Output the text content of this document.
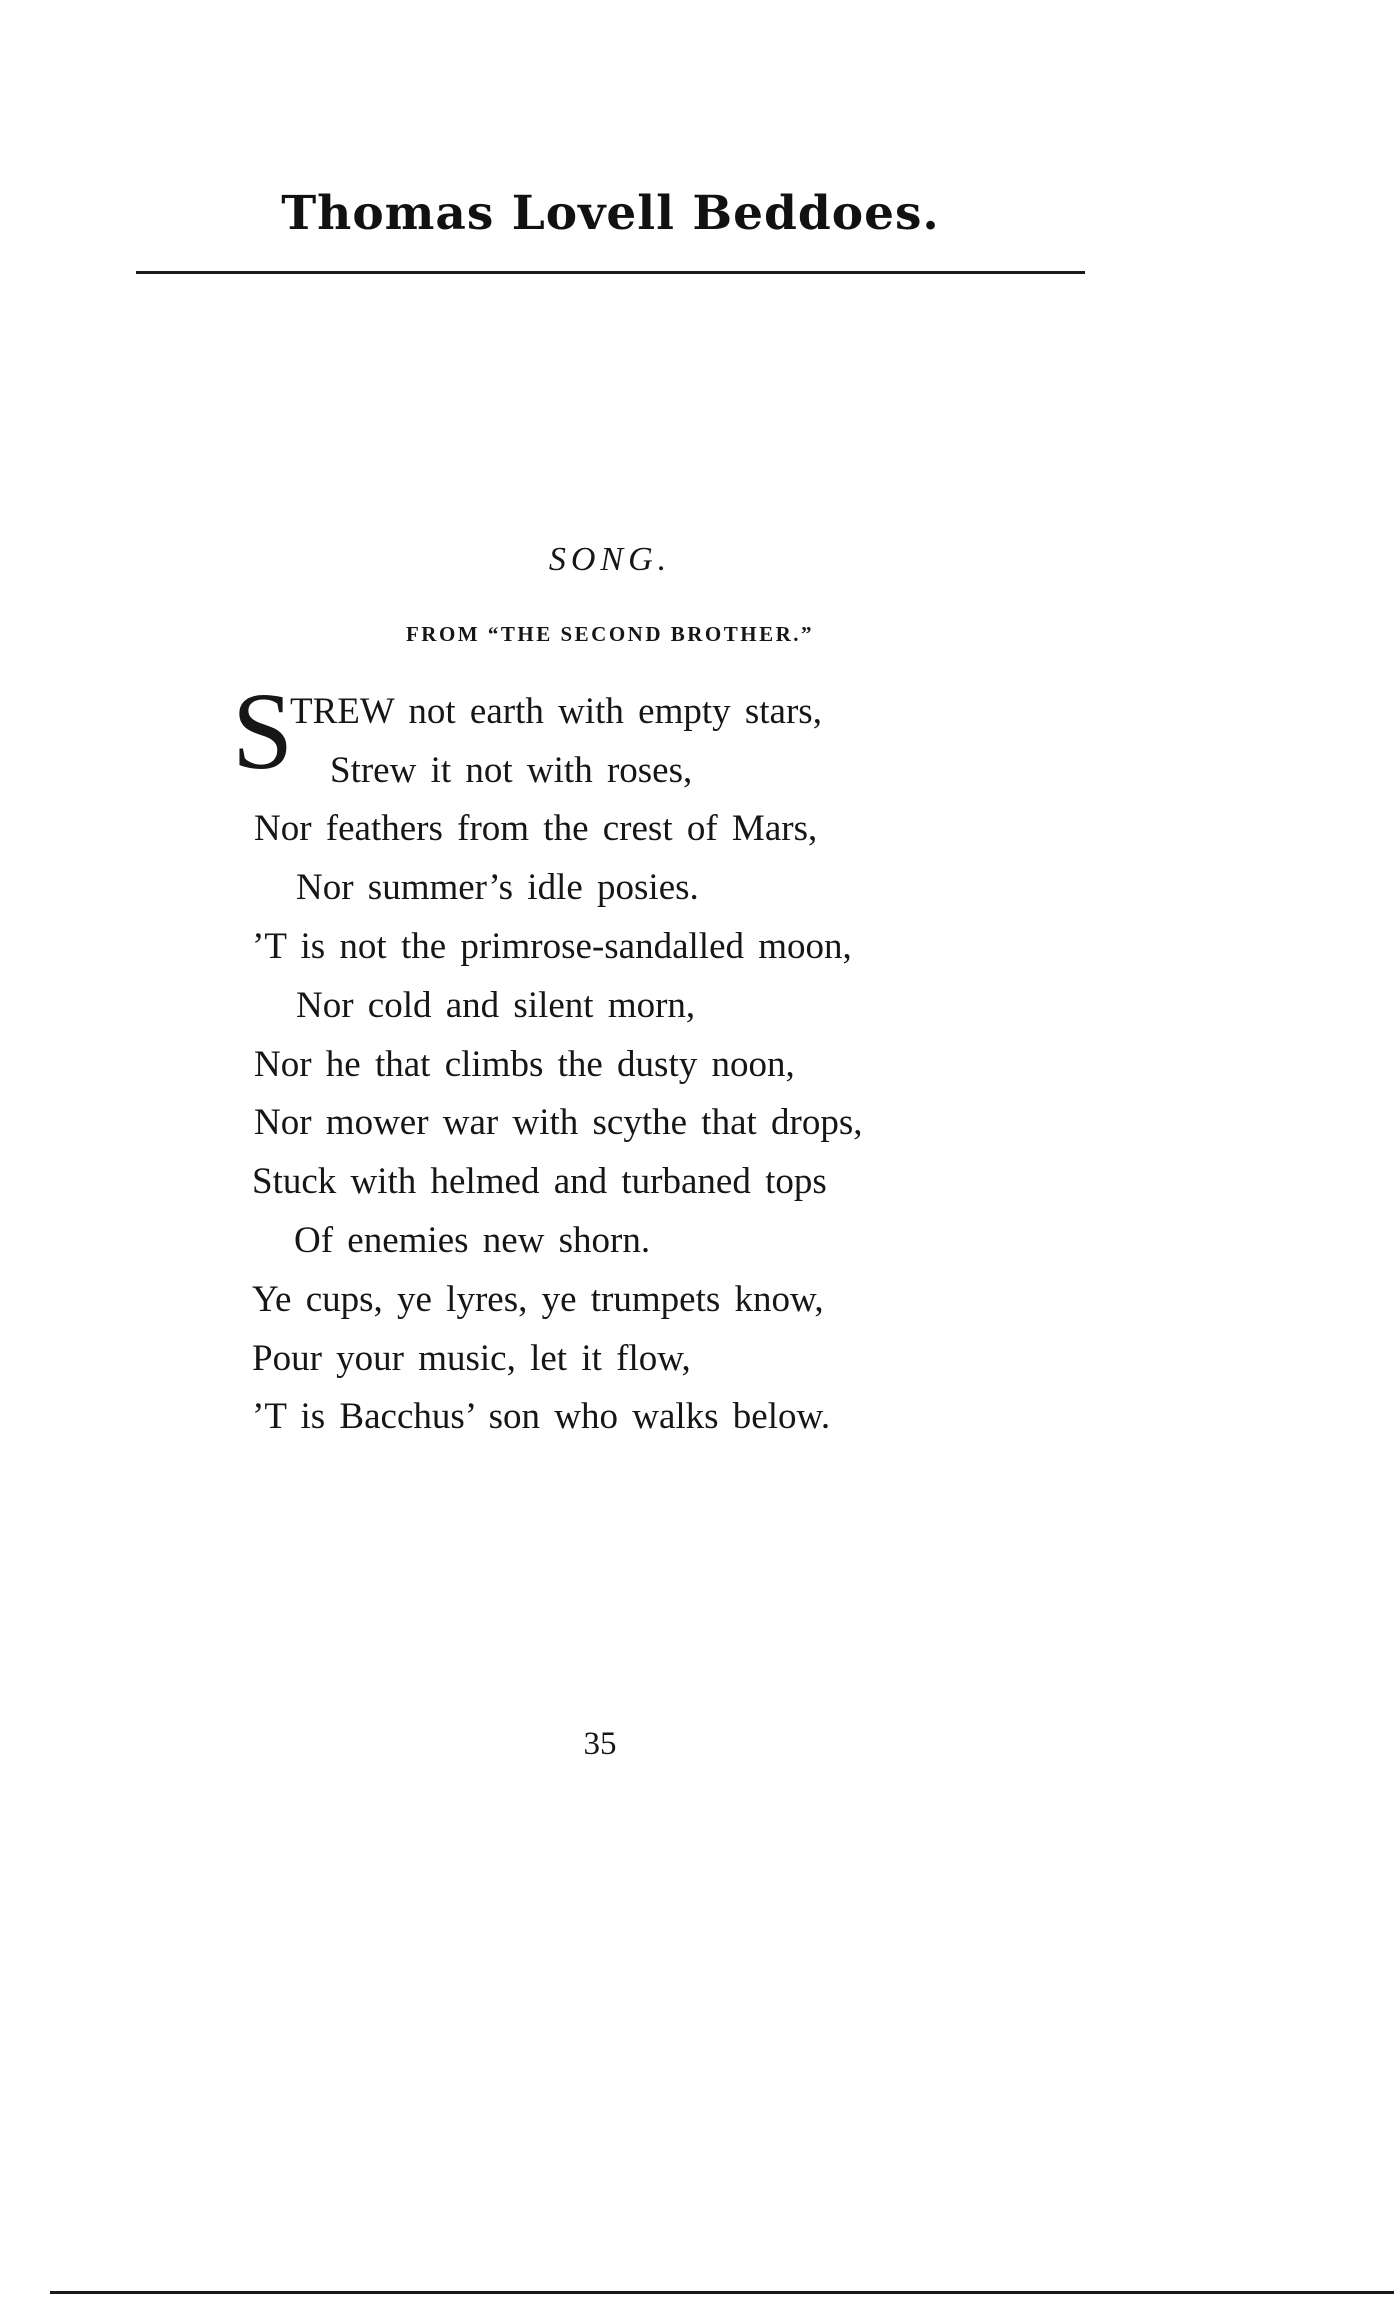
Thomas Lovell Beddoes.
SONG.
FROM “THE SECOND BROTHER.”
S
TREW not earth with empty stars,
Strew it not with roses,
Nor feathers from the crest of Mars,
Nor summer’s idle posies.
’T is not the primrose-sandalled moon,
Nor cold and silent morn,
Nor he that climbs the dusty noon,
Nor mower war with scythe that drops,
Stuck with helmed and turbaned tops
Of enemies new shorn.
Ye cups, ye lyres, ye trumpets know,
Pour your music, let it flow,
’T is Bacchus’ son who walks below.
35
